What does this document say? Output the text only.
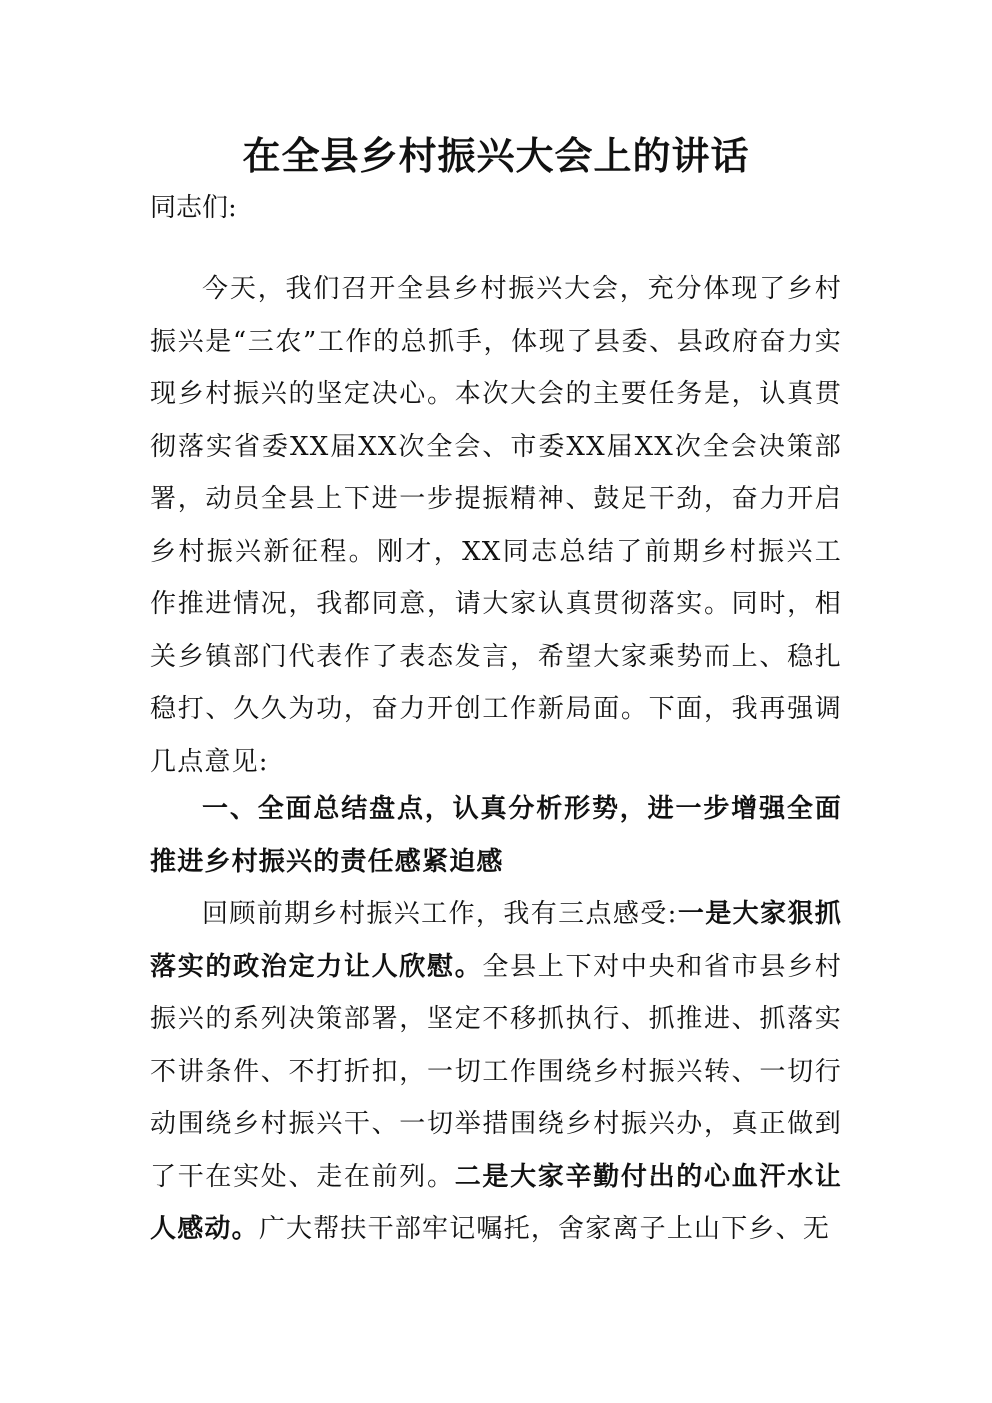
在全县乡村振兴大会上的讲话

同志们:

今天，我们召开全县乡村振兴大会，充分体现了乡村振兴是“三农”工作的总抓手，体现了县委、县政府奋力实现乡村振兴的坚定决心。本次大会的主要任务是，认真贯彻落实省委XX届XX次全会、市委XX届XX次全会决策部署，动员全县上下进一步提振精神、鼓足干劲，奋力开启乡村振兴新征程。刚才，XX同志总结了前期乡村振兴工作推进情况，我都同意，请大家认真贯彻落实。同时，相关乡镇部门代表作了表态发言，希望大家乘势而上、稳扎稳打、久久为功，奋力开创工作新局面。下面，我再强调几点意见:

一、全面总结盘点，认真分析形势，进一步增强全面推进乡村振兴的责任感紧迫感

回顾前期乡村振兴工作，我有三点感受:一是大家狠抓落实的政治定力让人欣慰。全县上下对中央和省市县乡村振兴的系列决策部署，坚定不移抓执行、抓推进、抓落实不讲条件、不打折扣，一切工作围绕乡村振兴转、一切行动围绕乡村振兴干、一切举措围绕乡村振兴办，真正做到了干在实处、走在前列。二是大家辛勤付出的心血汗水让人感动。广大帮扶干部牢记嘱托，舍家离子上山下乡、无
